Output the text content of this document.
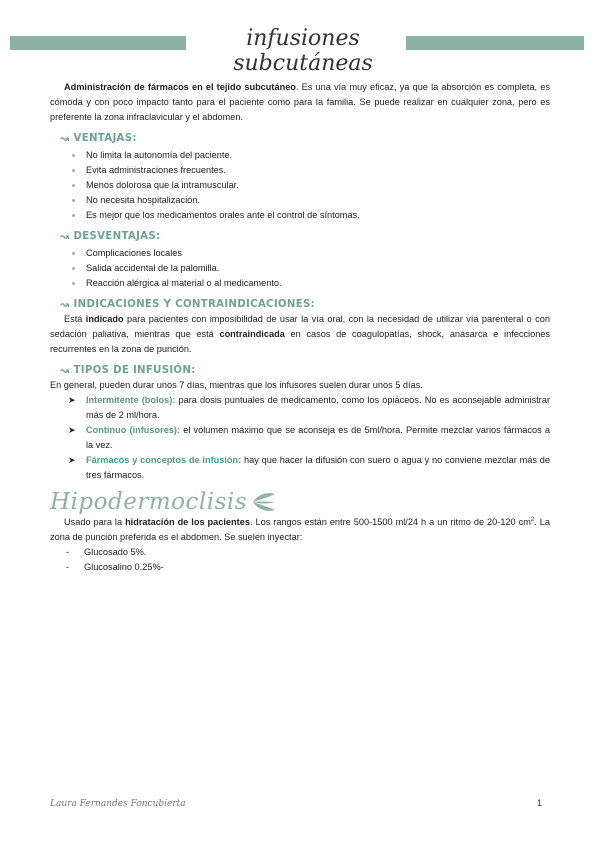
infusiones subcutáneas

Administración de fármacos en el tejido subcutáneo. Es una vía muy eficaz, ya que la absorción es completa, es cómoda y con poco impacto tanto para el paciente como para la familia. Se puede realizar en cualquier zona, pero es preferente la zona infraclavicular y el abdomen.

↝ VENTAJAS:
No limita la autonomía del paciente.
Evita administraciones frecuentes.
Menos dolorosa que la intramuscular.
No necesita hospitalización.
Es mejor que los medicamentos orales ante el control de síntomas.
↝ DESVENTAJAS:
Complicaciones locales
Salida accidental de la palomilla.
Reacción alérgica al material o al medicamento.
↝ INDICACIONES Y CONTRAINDICACIONES:

Está indicado para pacientes con imposibilidad de usar la vía oral, con la necesidad de utilizar vía parenteral o con sedación paliativa, mientras que está contraindicada en casos de coagulopatías, shock, anasarca e infecciones recurrentes en la zona de punción.

↝ TIPOS DE INFUSIÓN:

En general, pueden durar unos 7 días, mientras que los infusores suelen durar unos 5 días.

➤ Intermitente (bolos): para dosis puntuales de medicamento, como los opiáceos. No es aconsejable administrar más de 2 ml/hora.
➤ Continuo (infusores): el volumen máximo que se aconseja es de 5ml/hora. Permite mezclar varios fármacos a la vez.
➤ Fármacos y conceptos de infusión: hay que hacer la difusión con suero o agua y no conviene mezclar más de tres fármacos.
Hipodermoclisis

Usado para la hidratación de los pacientes. Los rangos están entre 500-1500 ml/24 h a un ritmo de 20-120 $cm^2$. La zona de punción preferida es el abdomen. Se suelen inyectar:

- Glucosado 5%.
- Glucosalino 0.25%-
Laura Fernandes Foncubierta	1
